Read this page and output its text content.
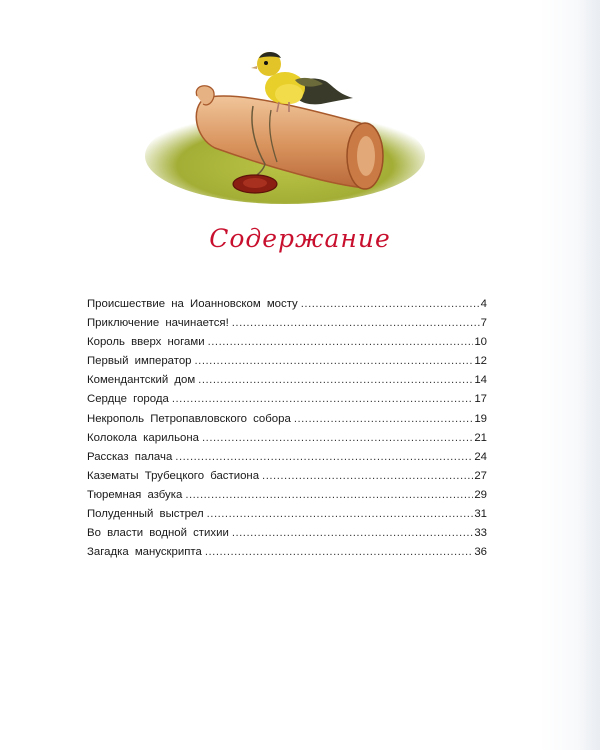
Содержание
Происшествие на Иоанновском мосту .....	4
Приключение начинается! .....	7
Король вверх ногами .....	10
Первый император .....	12
Комендантский дом .....	14
Сердце города .....	17
Некрополь Петропавловского собора .....	19
Колокола карильона .....	21
Рассказ палача .....	24
Казематы Трубецкого бастиона .....	27
Тюремная азбука .....	29
Полуденный выстрел .....	31
Во власти водной стихии .....	33
Загадка манускрипта .....	36
